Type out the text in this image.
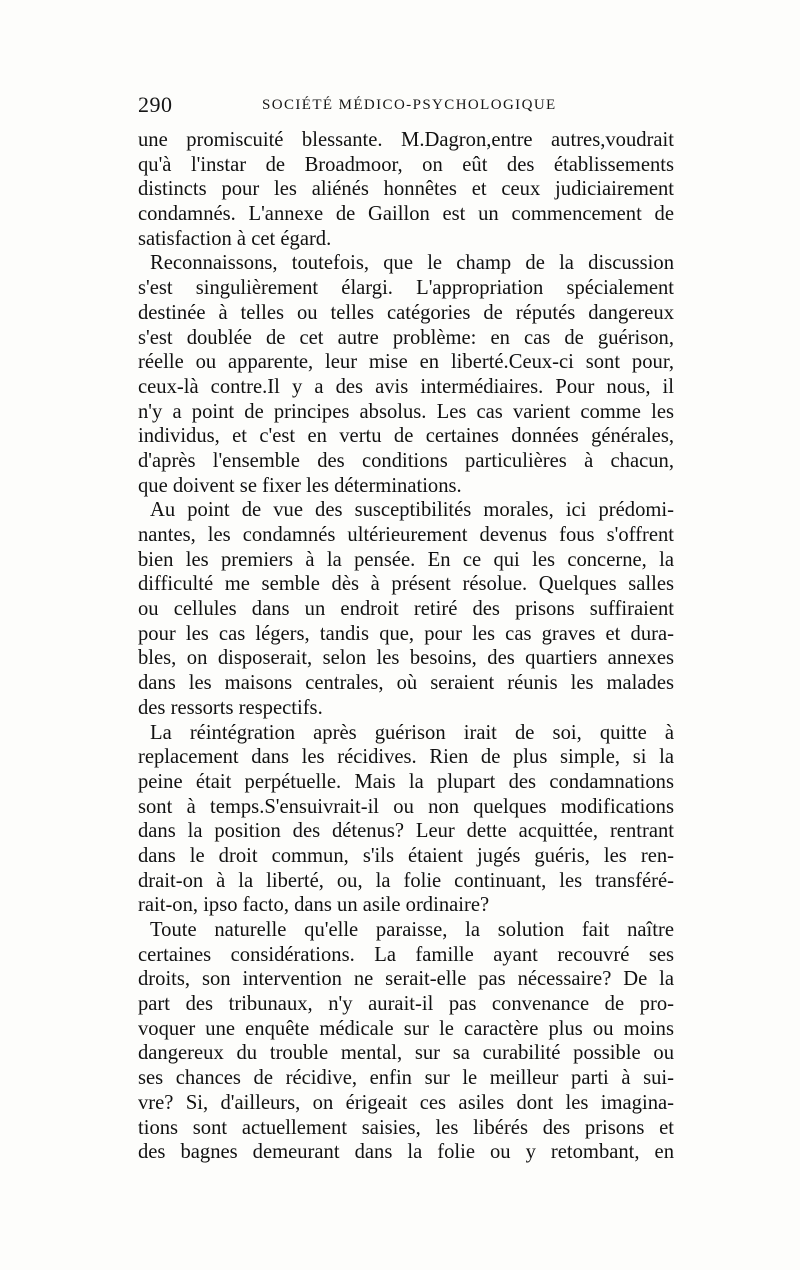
290	SOCIÉTÉ MÉDICO-PSYCHOLOGIQUE
une promiscuité blessante. M.Dagron,entre autres,voudrait
qu'à l'instar de Broadmoor, on eût des établissements
distincts pour les aliénés honnêtes et ceux judiciairement
condamnés. L'annexe de Gaillon est un commencement de
satisfaction à cet égard.
Reconnaissons, toutefois, que le champ de la discussion
s'est singulièrement élargi. L'appropriation spécialement
destinée à telles ou telles catégories de réputés dangereux
s'est doublée de cet autre problème: en cas de guérison,
réelle ou apparente, leur mise en liberté.Ceux-ci sont pour,
ceux-là contre.Il y a des avis intermédiaires. Pour nous, il
n'y a point de principes absolus. Les cas varient comme les
individus, et c'est en vertu de certaines données générales,
d'après l'ensemble des conditions particulières à chacun,
que doivent se fixer les déterminations.
Au point de vue des susceptibilités morales, ici prédomi-
nantes, les condamnés ultérieurement devenus fous s'offrent
bien les premiers à la pensée. En ce qui les concerne, la
difficulté me semble dès à présent résolue. Quelques salles
ou cellules dans un endroit retiré des prisons suffiraient
pour les cas légers, tandis que, pour les cas graves et dura-
bles, on disposerait, selon les besoins, des quartiers annexes
dans les maisons centrales, où seraient réunis les malades
des ressorts respectifs.
La réintégration après guérison irait de soi, quitte à
replacement dans les récidives. Rien de plus simple, si la
peine était perpétuelle. Mais la plupart des condamnations
sont à temps.S'ensuivrait-il ou non quelques modifications
dans la position des détenus? Leur dette acquittée, rentrant
dans le droit commun, s'ils étaient jugés guéris, les ren-
drait-on à la liberté, ou, la folie continuant, les transféré-
rait-on, ipso facto, dans un asile ordinaire?
Toute naturelle qu'elle paraisse, la solution fait naître
certaines considérations. La famille ayant recouvré ses
droits, son intervention ne serait-elle pas nécessaire? De la
part des tribunaux, n'y aurait-il pas convenance de pro-
voquer une enquête médicale sur le caractère plus ou moins
dangereux du trouble mental, sur sa curabilité possible ou
ses chances de récidive, enfin sur le meilleur parti à sui-
vre? Si, d'ailleurs, on érigeait ces asiles dont les imagina-
tions sont actuellement saisies, les libérés des prisons et
des bagnes demeurant dans la folie ou y retombant, en
